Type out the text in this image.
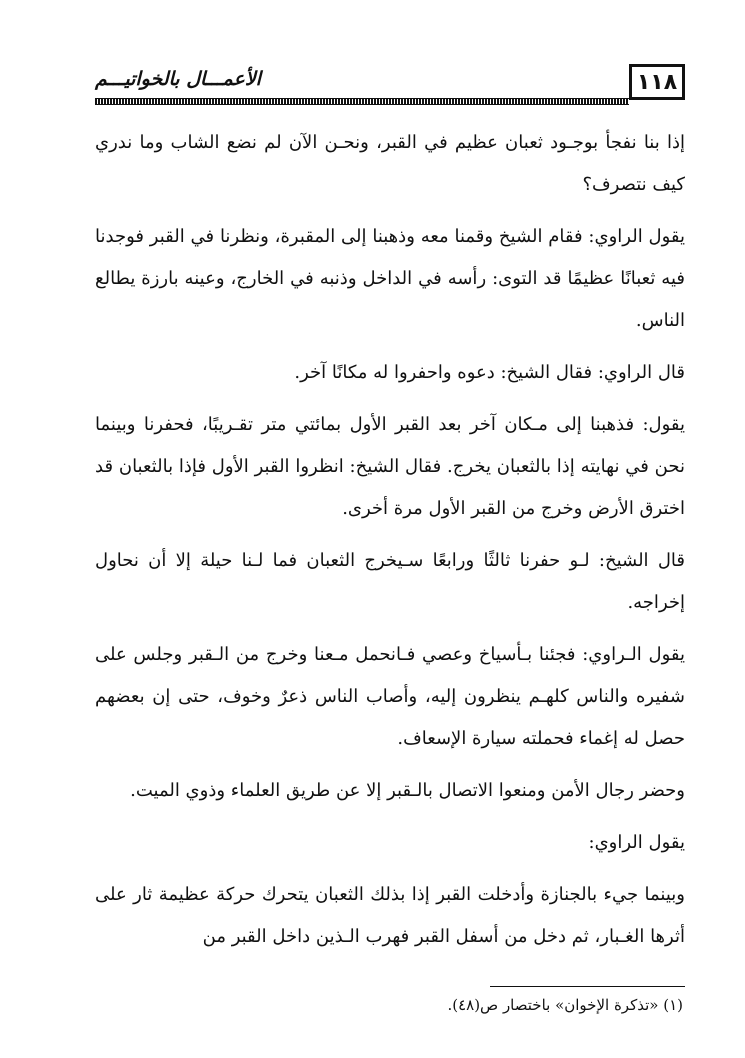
الأعمـــال بالخواتيـــم	١١٨

إذا بنا نفجأ بوجـود ثعبان عظيم في القبر، ونحـن الآن لم نضع الشاب وما ندري كيف نتصرف؟

يقول الراوي: فقام الشيخ وقمنا معه وذهبنا إلى المقبرة، ونظرنا في القبر فوجدنا فيه ثعبانًا عظيمًا قد التوى: رأسه في الداخل وذنبه في الخارج، وعينه بارزة يطالع الناس.

قال الراوي: فقال الشيخ: دعوه واحفروا له مكانًا آخر.

يقول: فذهبنا إلى مـكان آخر بعد القبر الأول بمائتي متر تقـريبًا، فحفرنا وبينما نحن في نهايته إذا بالثعبان يخرج. فقال الشيخ: انظروا القبر الأول فإذا بالثعبان قد اخترق الأرض وخرج من القبر الأول مرة أخرى.

قال الشيخ: لـو حفرنا ثالثًا ورابعًا سـيخرج الثعبان فما لـنا حيلة إلا أن نحاول إخراجه.

يقول الـراوي: فجئنا بـأسياخ وعصي فـانحمل مـعنا وخرج من الـقبر وجلس على شفيره والناس كلهـم ينظرون إليه، وأصاب الناس ذعرٌ وخوف، حتى إن بعضهم حصل له إغماء فحملته سيارة الإسعاف.

وحضر رجال الأمن ومنعوا الاتصال بالـقبر إلا عن طريق العلماء وذوي الميت.

يقول الراوي:

وبينما جيء بالجنازة وأدخلت القبر إذا بذلك الثعبان يتحرك حركة عظيمة ثار على أثرها الغـبار، ثم دخل من أسفل القبر فهرب الـذين داخل القبر من

(١) «تذكرة الإخوان» باختصار ص(٤٨).
